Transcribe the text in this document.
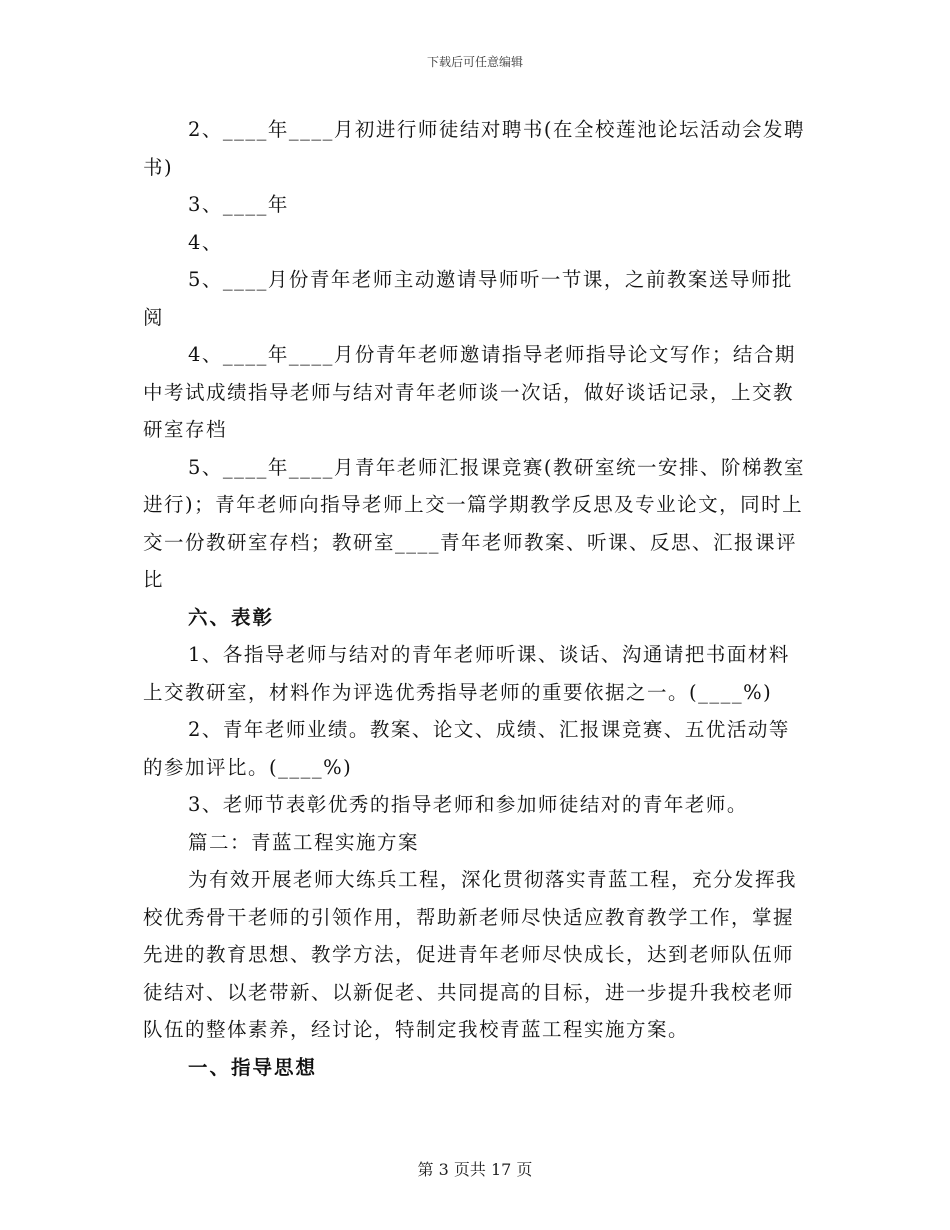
下载后可任意编辑

2、____年____月初进行师徒结对聘书(在全校莲池论坛活动会发聘书)

3、____年

4、

5、____月份青年老师主动邀请导师听一节课，之前教案送导师批阅

4、____年____月份青年老师邀请指导老师指导论文写作；结合期中考试成绩指导老师与结对青年老师谈一次话，做好谈话记录，上交教研室存档

5、____年____月青年老师汇报课竞赛(教研室统一安排、阶梯教室进行)；青年老师向指导老师上交一篇学期教学反思及专业论文，同时上交一份教研室存档；教研室____青年老师教案、听课、反思、汇报课评比

六、表彰

1、各指导老师与结对的青年老师听课、谈话、沟通请把书面材料上交教研室，材料作为评选优秀指导老师的重要依据之一。(____%)

2、青年老师业绩。教案、论文、成绩、汇报课竞赛、五优活动等的参加评比。(____%)

3、老师节表彰优秀的指导老师和参加师徒结对的青年老师。

篇二：青蓝工程实施方案

为有效开展老师大练兵工程，深化贯彻落实青蓝工程，充分发挥我校优秀骨干老师的引领作用，帮助新老师尽快适应教育教学工作，掌握先进的教育思想、教学方法，促进青年老师尽快成长，达到老师队伍师徒结对、以老带新、以新促老、共同提高的目标，进一步提升我校老师队伍的整体素养，经讨论，特制定我校青蓝工程实施方案。

一、指导思想

第 3 页共 17 页
